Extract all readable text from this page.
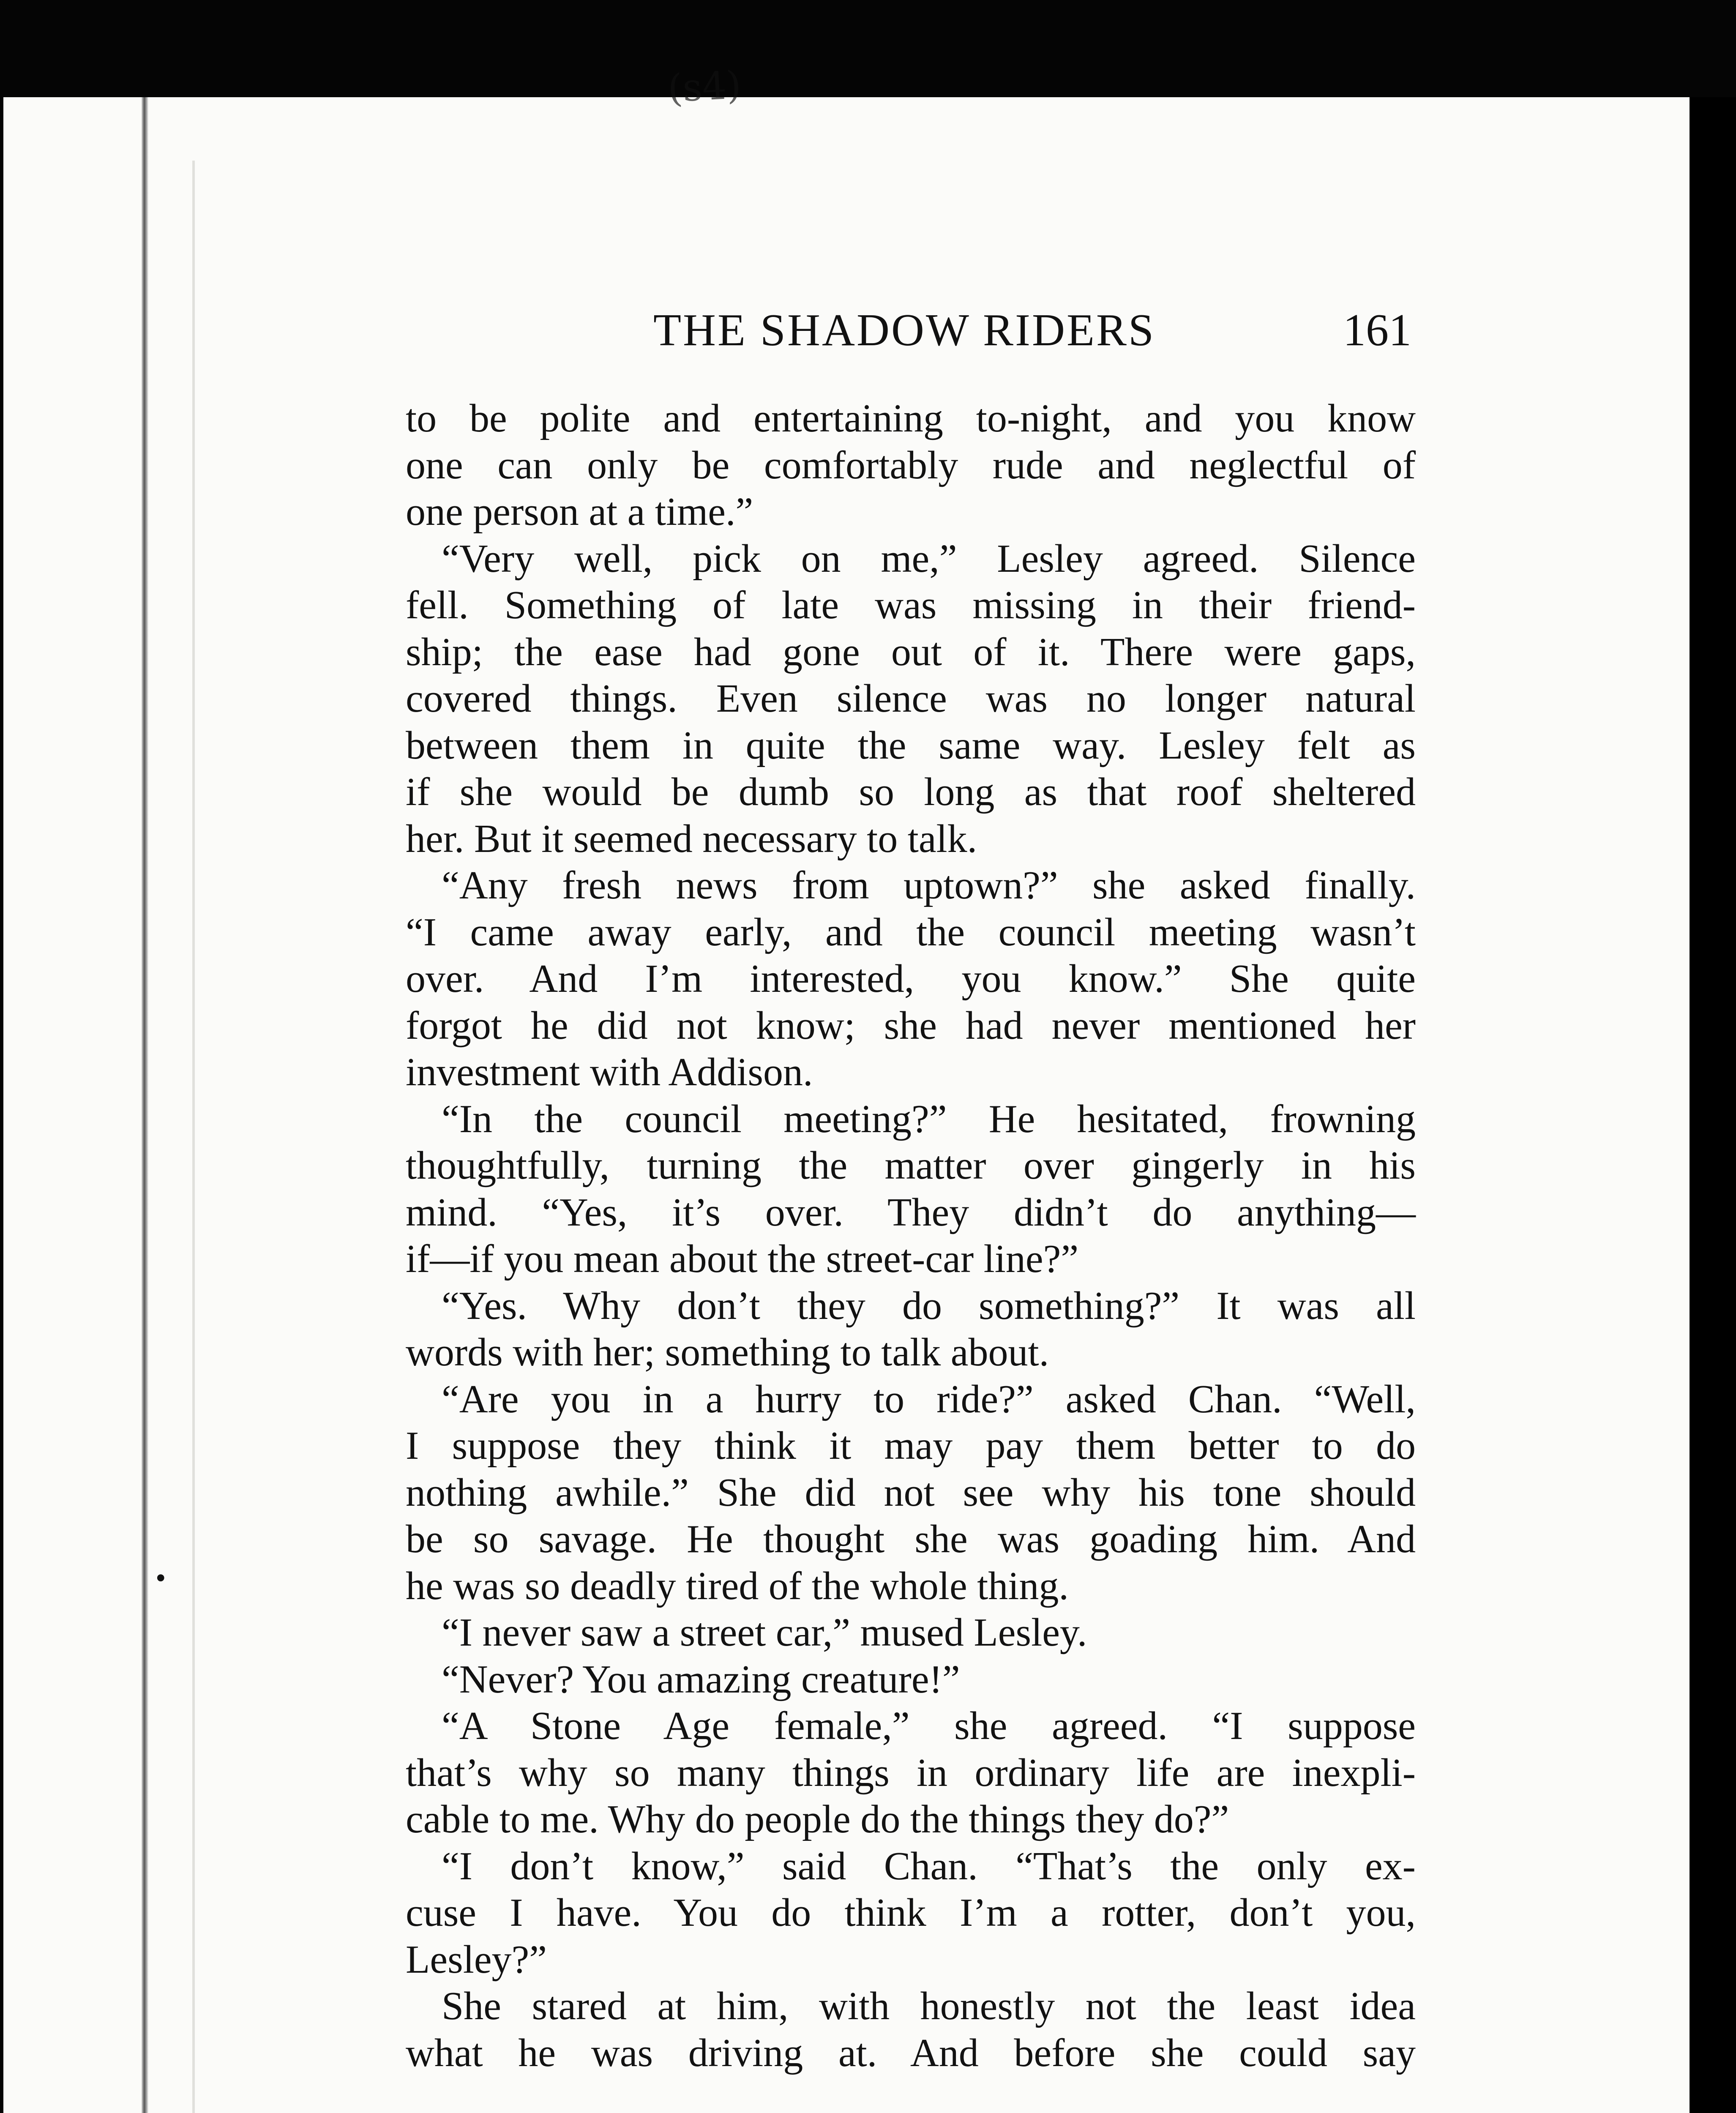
•
(s4)
THE SHADOW RIDERS	161
to be polite and entertaining to-night, and you know
one can only be comfortably rude and neglectful of
one person at a time.”
“Very well, pick on me,” Lesley agreed. Silence
fell. Something of late was missing in their friend-
ship; the ease had gone out of it. There were gaps,
covered things. Even silence was no longer natural
between them in quite the same way. Lesley felt as
if she would be dumb so long as that roof sheltered
her. But it seemed necessary to talk.
“Any fresh news from uptown?” she asked finally.
“I came away early, and the council meeting wasn’t
over. And I’m interested, you know.” She quite
forgot he did not know; she had never mentioned her
investment with Addison.
“In the council meeting?” He hesitated, frowning
thoughtfully, turning the matter over gingerly in his
mind. “Yes, it’s over. They didn’t do anything—
if—if you mean about the street-car line?”
“Yes. Why don’t they do something?” It was all
words with her; something to talk about.
“Are you in a hurry to ride?” asked Chan. “Well,
I suppose they think it may pay them better to do
nothing awhile.” She did not see why his tone should
be so savage. He thought she was goading him. And
he was so deadly tired of the whole thing.
“I never saw a street car,” mused Lesley.
“Never? You amazing creature!”
“A Stone Age female,” she agreed. “I suppose
that’s why so many things in ordinary life are inexpli-
cable to me. Why do people do the things they do?”
“I don’t know,” said Chan. “That’s the only ex-
cuse I have. You do think I’m a rotter, don’t you,
Lesley?”
She stared at him, with honestly not the least idea
what he was driving at. And before she could say
